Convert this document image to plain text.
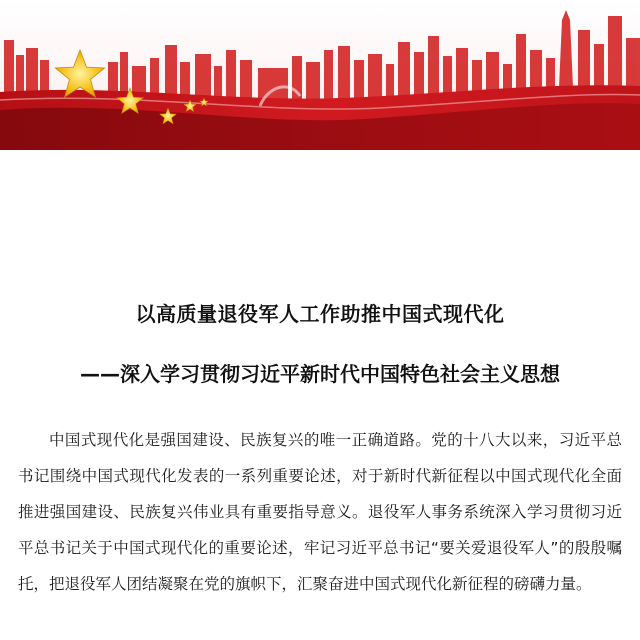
以高质量退役军人工作助推中国式现代化
——深入学习贯彻习近平新时代中国特色社会主义思想

中国式现代化是强国建设、民族复兴的唯一正确道路。党的十八大以来，习近平总书记围绕中国式现代化发表的一系列重要论述，对于新时代新征程以中国式现代化全面推进强国建设、民族复兴伟业具有重要指导意义。退役军人事务系统深入学习贯彻习近平总书记关于中国式现代化的重要论述，牢记习近平总书记“要关爱退役军人”的殷殷嘱托，把退役军人团结凝聚在党的旗帜下，汇聚奋进中国式现代化新征程的磅礴力量。
